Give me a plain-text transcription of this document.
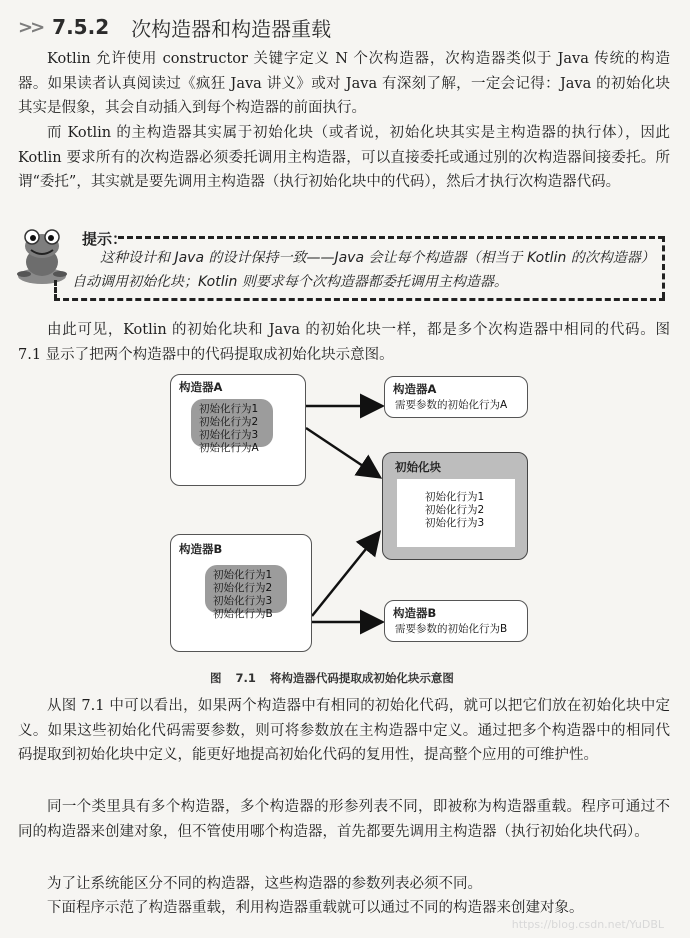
>> 7.5.2 次构造器和构造器重载

Kotlin 允许使用 constructor 关键字定义 N 个次构造器，次构造器类似于 Java 传统的构造器。如果读者认真阅读过《疯狂 Java 讲义》或对 Java 有深刻了解，一定会记得：Java 的初始化块其实是假象，其会自动插入到每个构造器的前面执行。

而 Kotlin 的主构造器其实属于初始化块（或者说，初始化块其实是主构造器的执行体），因此 Kotlin 要求所有的次构造器必须委托调用主构造器，可以直接委托或通过别的次构造器间接委托。所谓“委托”，其实就是要先调用主构造器（执行初始化块中的代码），然后才执行次构造器代码。

提示：

这种设计和 Java 的设计保持一致——Java 会让每个构造器（相当于 Kotlin 的次构造器）自动调用初始化块；Kotlin 则要求每个次构造器都委托调用主构造器。

由此可见，Kotlin 的初始化块和 Java 的初始化块一样，都是多个次构造器中相同的代码。图 7.1 显示了把两个构造器中的代码提取成初始化块示意图。

构造器A
初始化行为1
初始化行为2
初始化行为3
初始化行为A
构造器B
初始化行为1
初始化行为2
初始化行为3
初始化行为B
构造器A
需要参数的初始化行为A
初始化块
初始化行为1
初始化行为2
初始化行为3
构造器B
需要参数的初始化行为B
图 7.1 将构造器代码提取成初始化块示意图

从图 7.1 中可以看出，如果两个构造器中有相同的初始化代码，就可以把它们放在初始化块中定义。如果这些初始化代码需要参数，则可将参数放在主构造器中定义。通过把多个构造器中的相同代码提取到初始化块中定义，能更好地提高初始化代码的复用性，提高整个应用的可维护性。

同一个类里具有多个构造器，多个构造器的形参列表不同，即被称为构造器重载。程序可通过不同的构造器来创建对象，但不管使用哪个构造器，首先都要先调用主构造器（执行初始化块代码）。

为了让系统能区分不同的构造器，这些构造器的参数列表必须不同。

下面程序示范了构造器重载，利用构造器重载就可以通过不同的构造器来创建对象。

https://blog.csdn.net/YuDBL
